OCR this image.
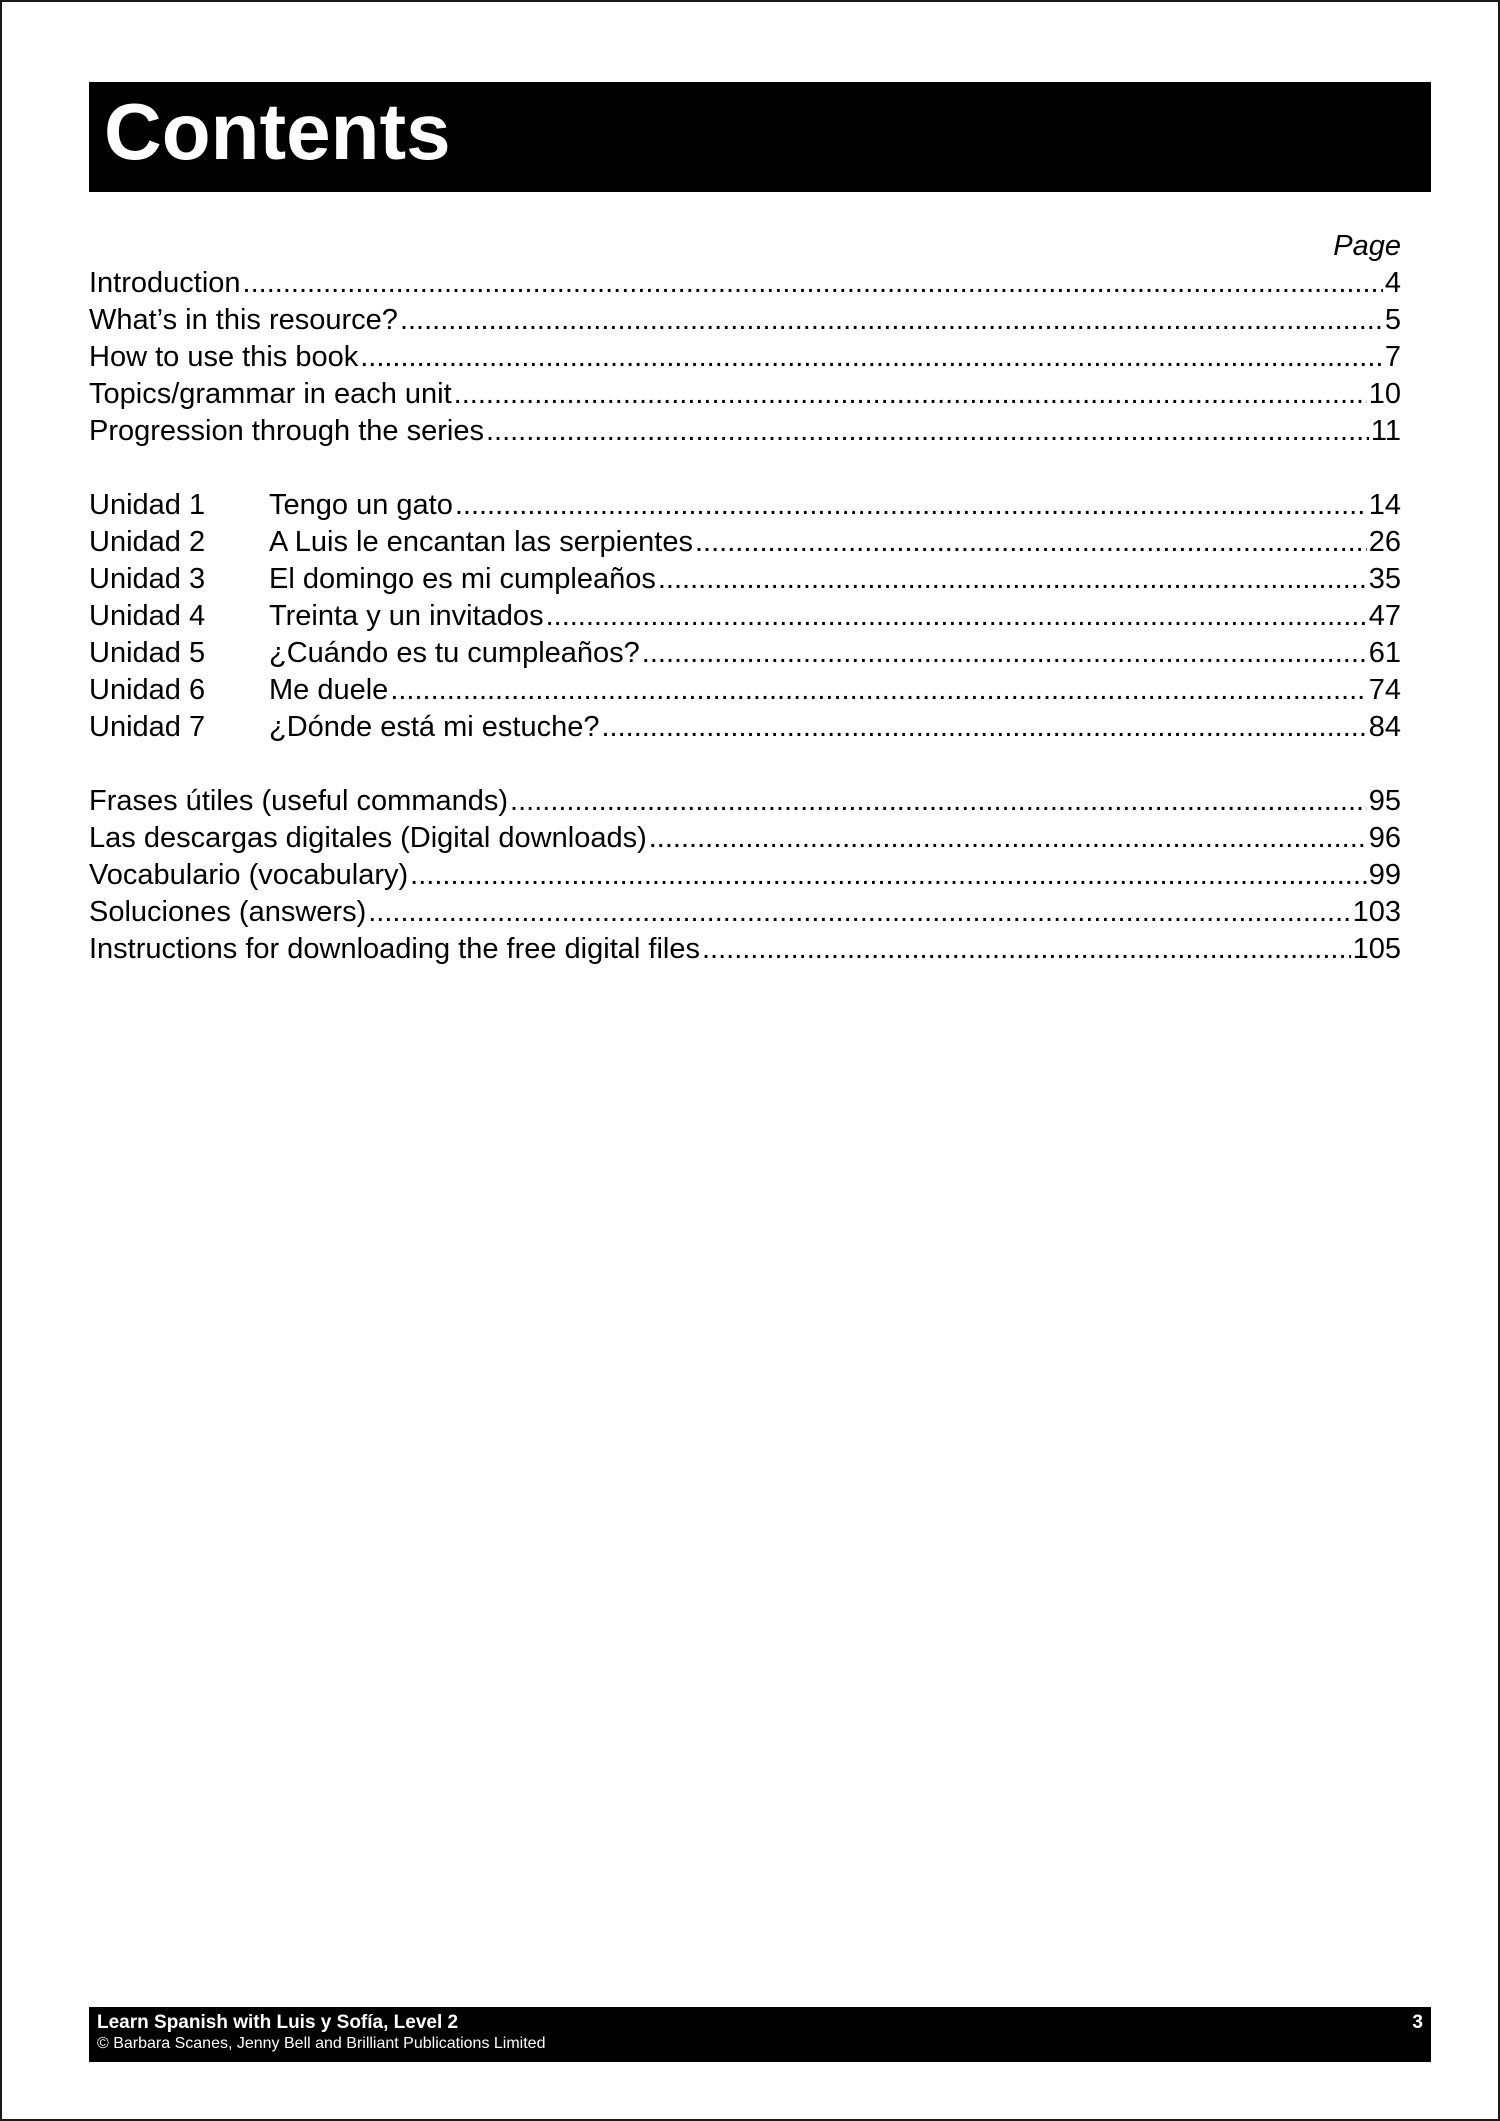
Contents
Page
Introduction .....	4
What’s in this resource? .....	5
How to use this book .....	7
Topics/grammar in each unit .....	10
Progression through the series .....	11
Unidad 1	Tengo un gato .....	14
Unidad 2	A Luis le encantan las serpientes .....	26
Unidad 3	El domingo es mi cumpleaños .....	35
Unidad 4	Treinta y un invitados .....	47
Unidad 5	¿Cuándo es tu cumpleaños? .....	61
Unidad 6	Me duele .....	74
Unidad 7	¿Dónde está mi estuche? .....	84
Frases útiles (useful commands) .....	95
Las descargas digitales (Digital downloads) .....	96
Vocabulario (vocabulary) .....	99
Soluciones (answers) .....	103
Instructions for downloading the free digital files .....	105
Learn Spanish with Luis y Sofía, Level 2
© Barbara Scanes, Jenny Bell and Brilliant Publications Limited
3
